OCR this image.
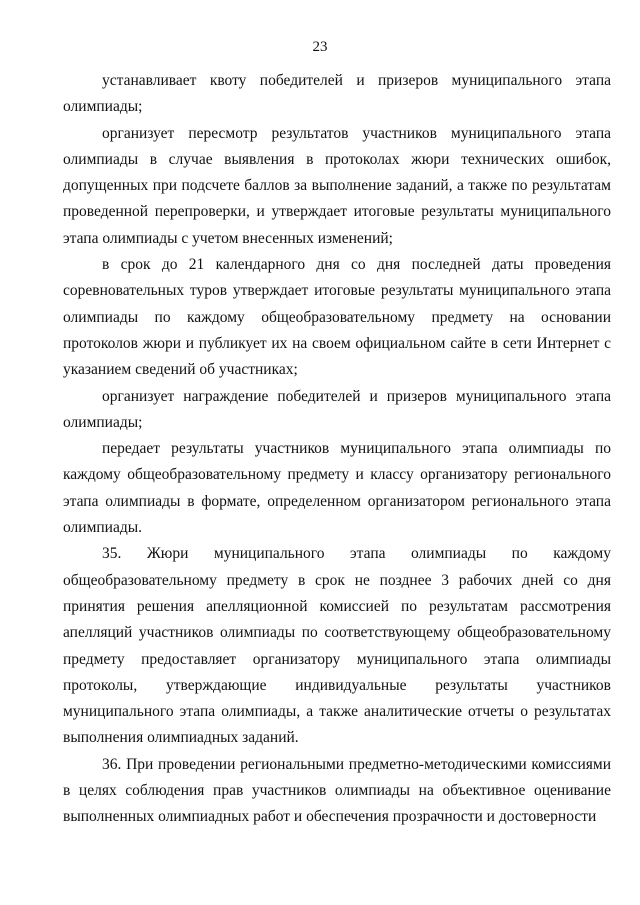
23

устанавливает квоту победителей и призеров муниципального этапа олимпиады;

организует пересмотр результатов участников муниципального этапа олимпиады в случае выявления в протоколах жюри технических ошибок, допущенных при подсчете баллов за выполнение заданий, а также по результатам проведенной перепроверки, и утверждает итоговые результаты муниципального этапа олимпиады с учетом внесенных изменений;

в срок до 21 календарного дня со дня последней даты проведения соревновательных туров утверждает итоговые результаты муниципального этапа олимпиады по каждому общеобразовательному предмету на основании протоколов жюри и публикует их на своем официальном сайте в сети Интернет с указанием сведений об участниках;

организует награждение победителей и призеров муниципального этапа олимпиады;

передает результаты участников муниципального этапа олимпиады по каждому общеобразовательному предмету и классу организатору регионального этапа олимпиады в формате, определенном организатором регионального этапа олимпиады.

35. Жюри муниципального этапа олимпиады по каждому общеобразовательному предмету в срок не позднее 3 рабочих дней со дня принятия решения апелляционной комиссией по результатам рассмотрения апелляций участников олимпиады по соответствующему общеобразовательному предмету предоставляет организатору муниципального этапа олимпиады протоколы, утверждающие индивидуальные результаты участников муниципального этапа олимпиады, а также аналитические отчеты о результатах выполнения олимпиадных заданий.

36. При проведении региональными предметно-методическими комиссиями в целях соблюдения прав участников олимпиады на объективное оценивание выполненных олимпиадных работ и обеспечения прозрачности и достоверности
